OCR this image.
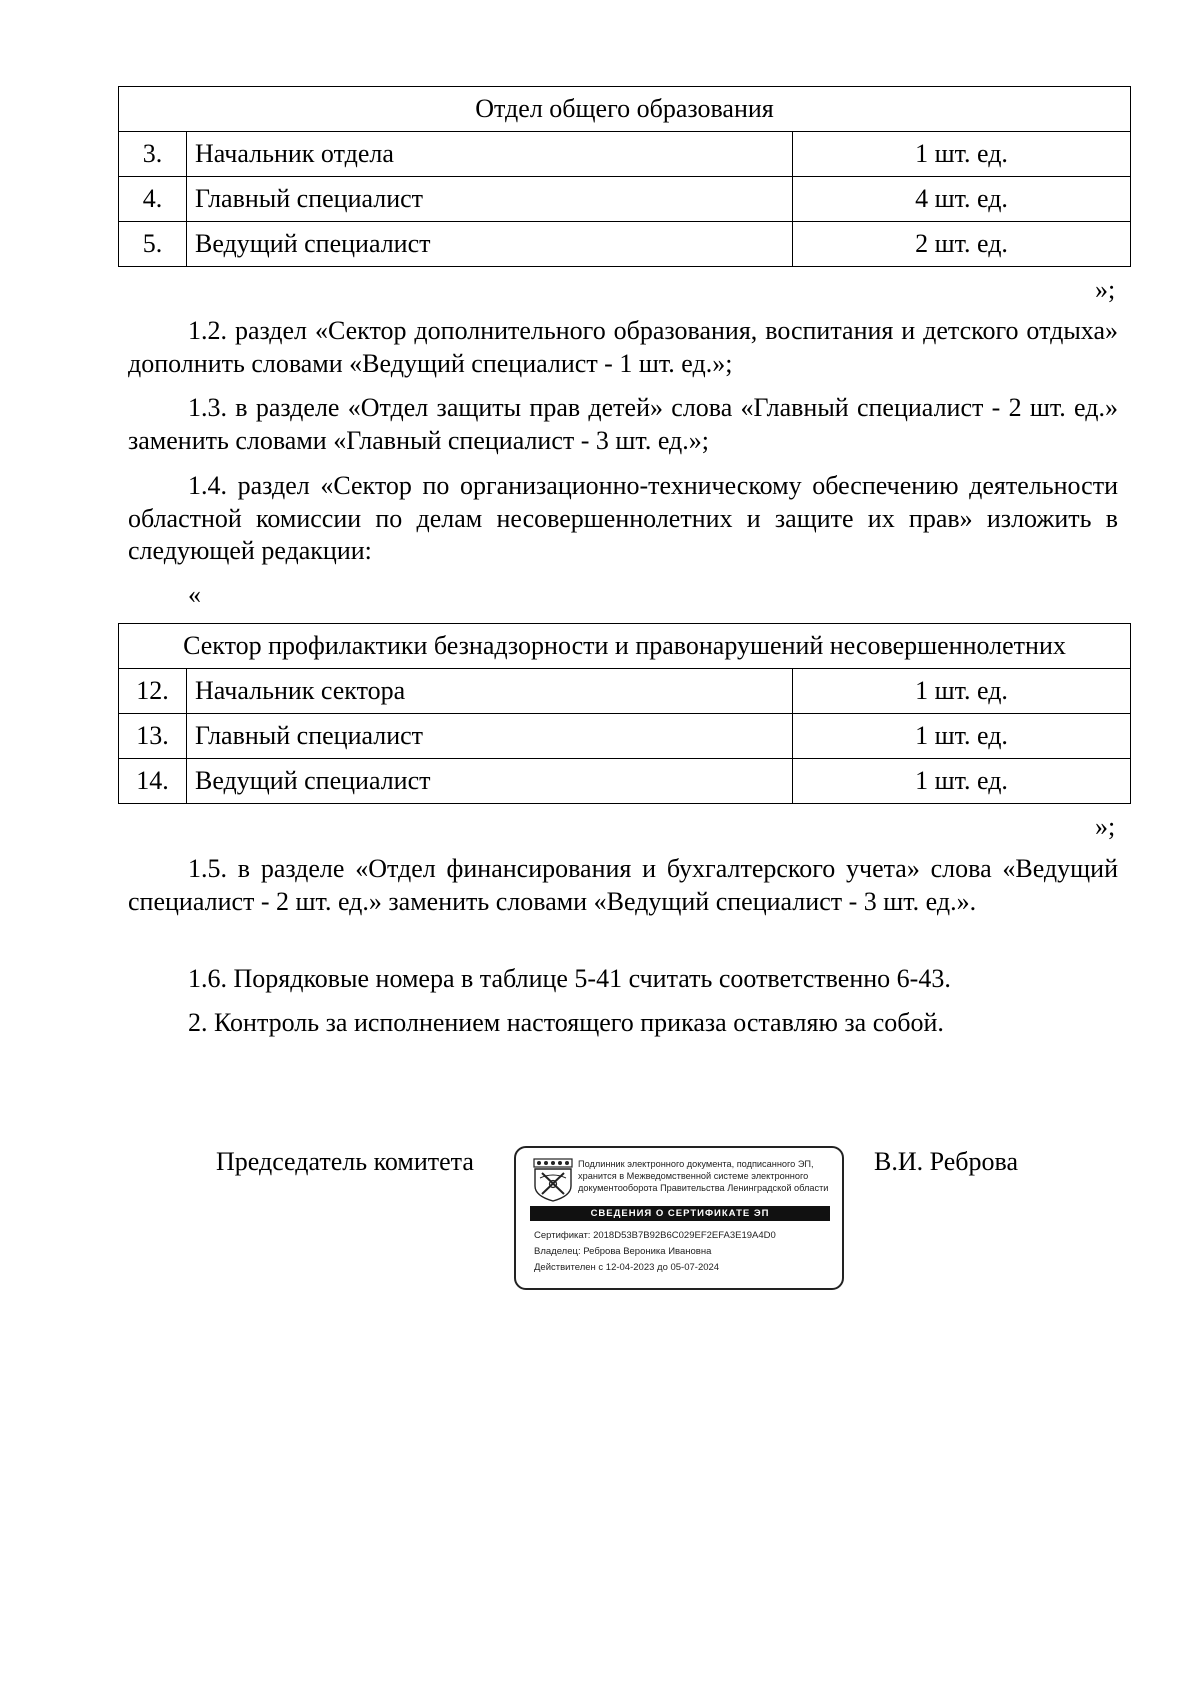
Отдел общего образования		
3.	Начальник отдела	1 шт. ед.
4.	Главный специалист	4 шт. ед.
5.	Ведущий специалист	2 шт. ед.
»;

1.2. раздел «Сектор дополнительного образования, воспитания и детского отдыха» дополнить словами «Ведущий специалист - 1 шт. ед.»;

1.3. в разделе «Отдел защиты прав детей» слова «Главный специалист - 2 шт. ед.» заменить словами «Главный специалист - 3 шт. ед.»;

1.4. раздел «Сектор по организационно-техническому обеспечению деятельности областной комиссии по делам несовершеннолетних и защите их прав» изложить в следующей редакции:

«
Сектор профилактики безнадзорности и правонарушений несовершеннолетних		
12.	Начальник сектора	1 шт. ед.
13.	Главный специалист	1 шт. ед.
14.	Ведущий специалист	1 шт. ед.
»;

1.5. в разделе «Отдел финансирования и бухгалтерского учета» слова «Ведущий специалист - 2 шт. ед.» заменить словами «Ведущий специалист - 3 шт. ед.».

1.6. Порядковые номера в таблице 5-41 считать соответственно 6-43.

2. Контроль за исполнением настоящего приказа оставляю за собой.

Председатель комитета	Подлинник электронного документа, подписанного ЭП,
хранится в Межведомственной системе электронного
документооборота Правительства Ленинградской области
СВЕДЕНИЯ О СЕРТИФИКАТЕ ЭП
Сертификат: 2018D53B7B92B6C029EF2EFA3E19A4D0
Владелец: Реброва Вероника Ивановна
Действителен с 12-04-2023 до 05-07-2024
В.И. Реброва
